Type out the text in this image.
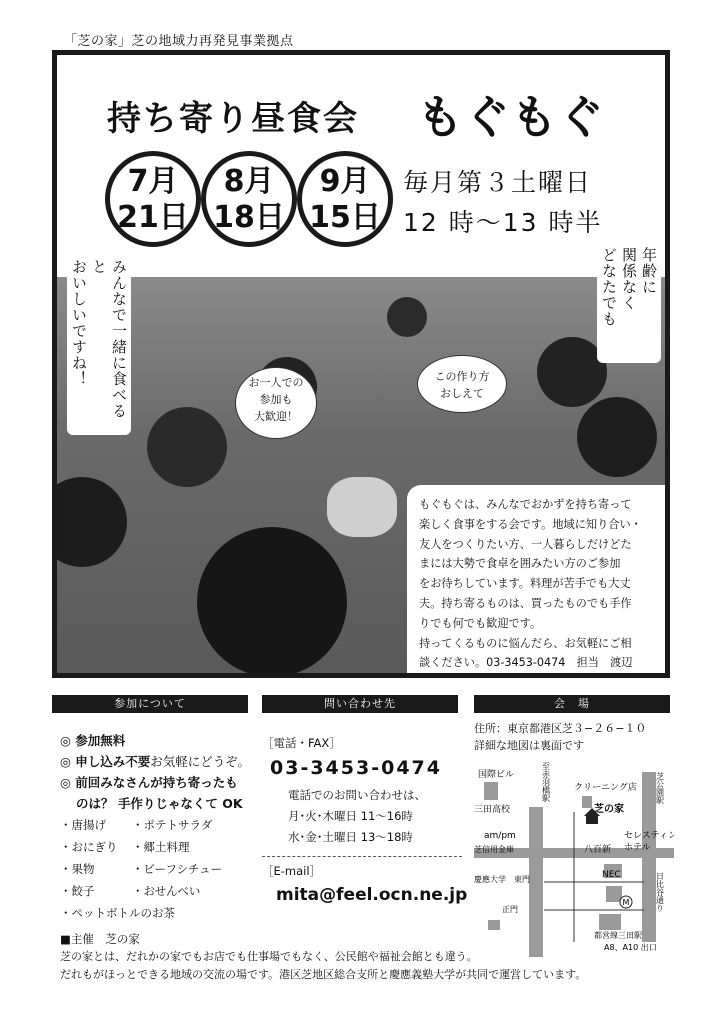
「芝の家」芝の地域力再発見事業拠点
持ち寄り昼食会 もぐもぐ
7月
21日
8月
18日
9月
15日
毎月第３土曜日
12 時〜13 時半
みんなで一緒に食べると
おいしいですね！	年齢に
関係なく
どなたでも
お一人での
参加も
大歓迎！
この作り方
おしえて
もぐもぐは、みんなでおかずを持ち寄って
楽しく食事をする会です。地域に知り合い・
友人をつくりたい方、一人暮らしだけどた
まには大勢で食卓を囲みたい方のご参加
をお待ちしています。料理が苦手でも大丈
夫。持ち寄るものは、買ったものでも手作
りでも何でも歓迎です。
持ってくるものに悩んだら、お気軽にご相
談ください。03-3453-0474　担当　渡辺
参加について	問い合わせ先	会　場
◎ 参加無料
◎ 申し込み不要お気軽にどうぞ。
◎ 前回みなさんが持ち寄ったも
のは？ 手作りじゃなくて OK
・唐揚げ ・ポテトサラダ
・おにぎり ・郷土料理
・果物	・ビーフシチュー
・餃子	・おせんべい
・ペットボトルのお茶
［電話・FAX］
03-3453-0474
電話でのお問い合わせは、
月･火･木曜日 11〜16時
水･金･土曜日 13〜18時
［E-mail］
mita@feel.ocn.ne.jp
住所：東京都港区芝３−２６−１０
詳細な地図は裏面です
M
芝公園駅
至赤羽橋駅
国際ビル
クリーニング店
三田高校	芝の家
am/pm	セレスティン
ホテル
八百新
芝信用金庫
慶應大学　東門	NEC	日比谷通り
正門
都営線三田駅
A8、A10 出口
■主催　芝の家
芝の家とは、だれかの家でもお店でも仕事場でもなく、公民館や福祉会館とも違う。
だれもがほっとできる地域の交流の場です。港区芝地区総合支所と慶應義塾大学が共同で運営しています。
